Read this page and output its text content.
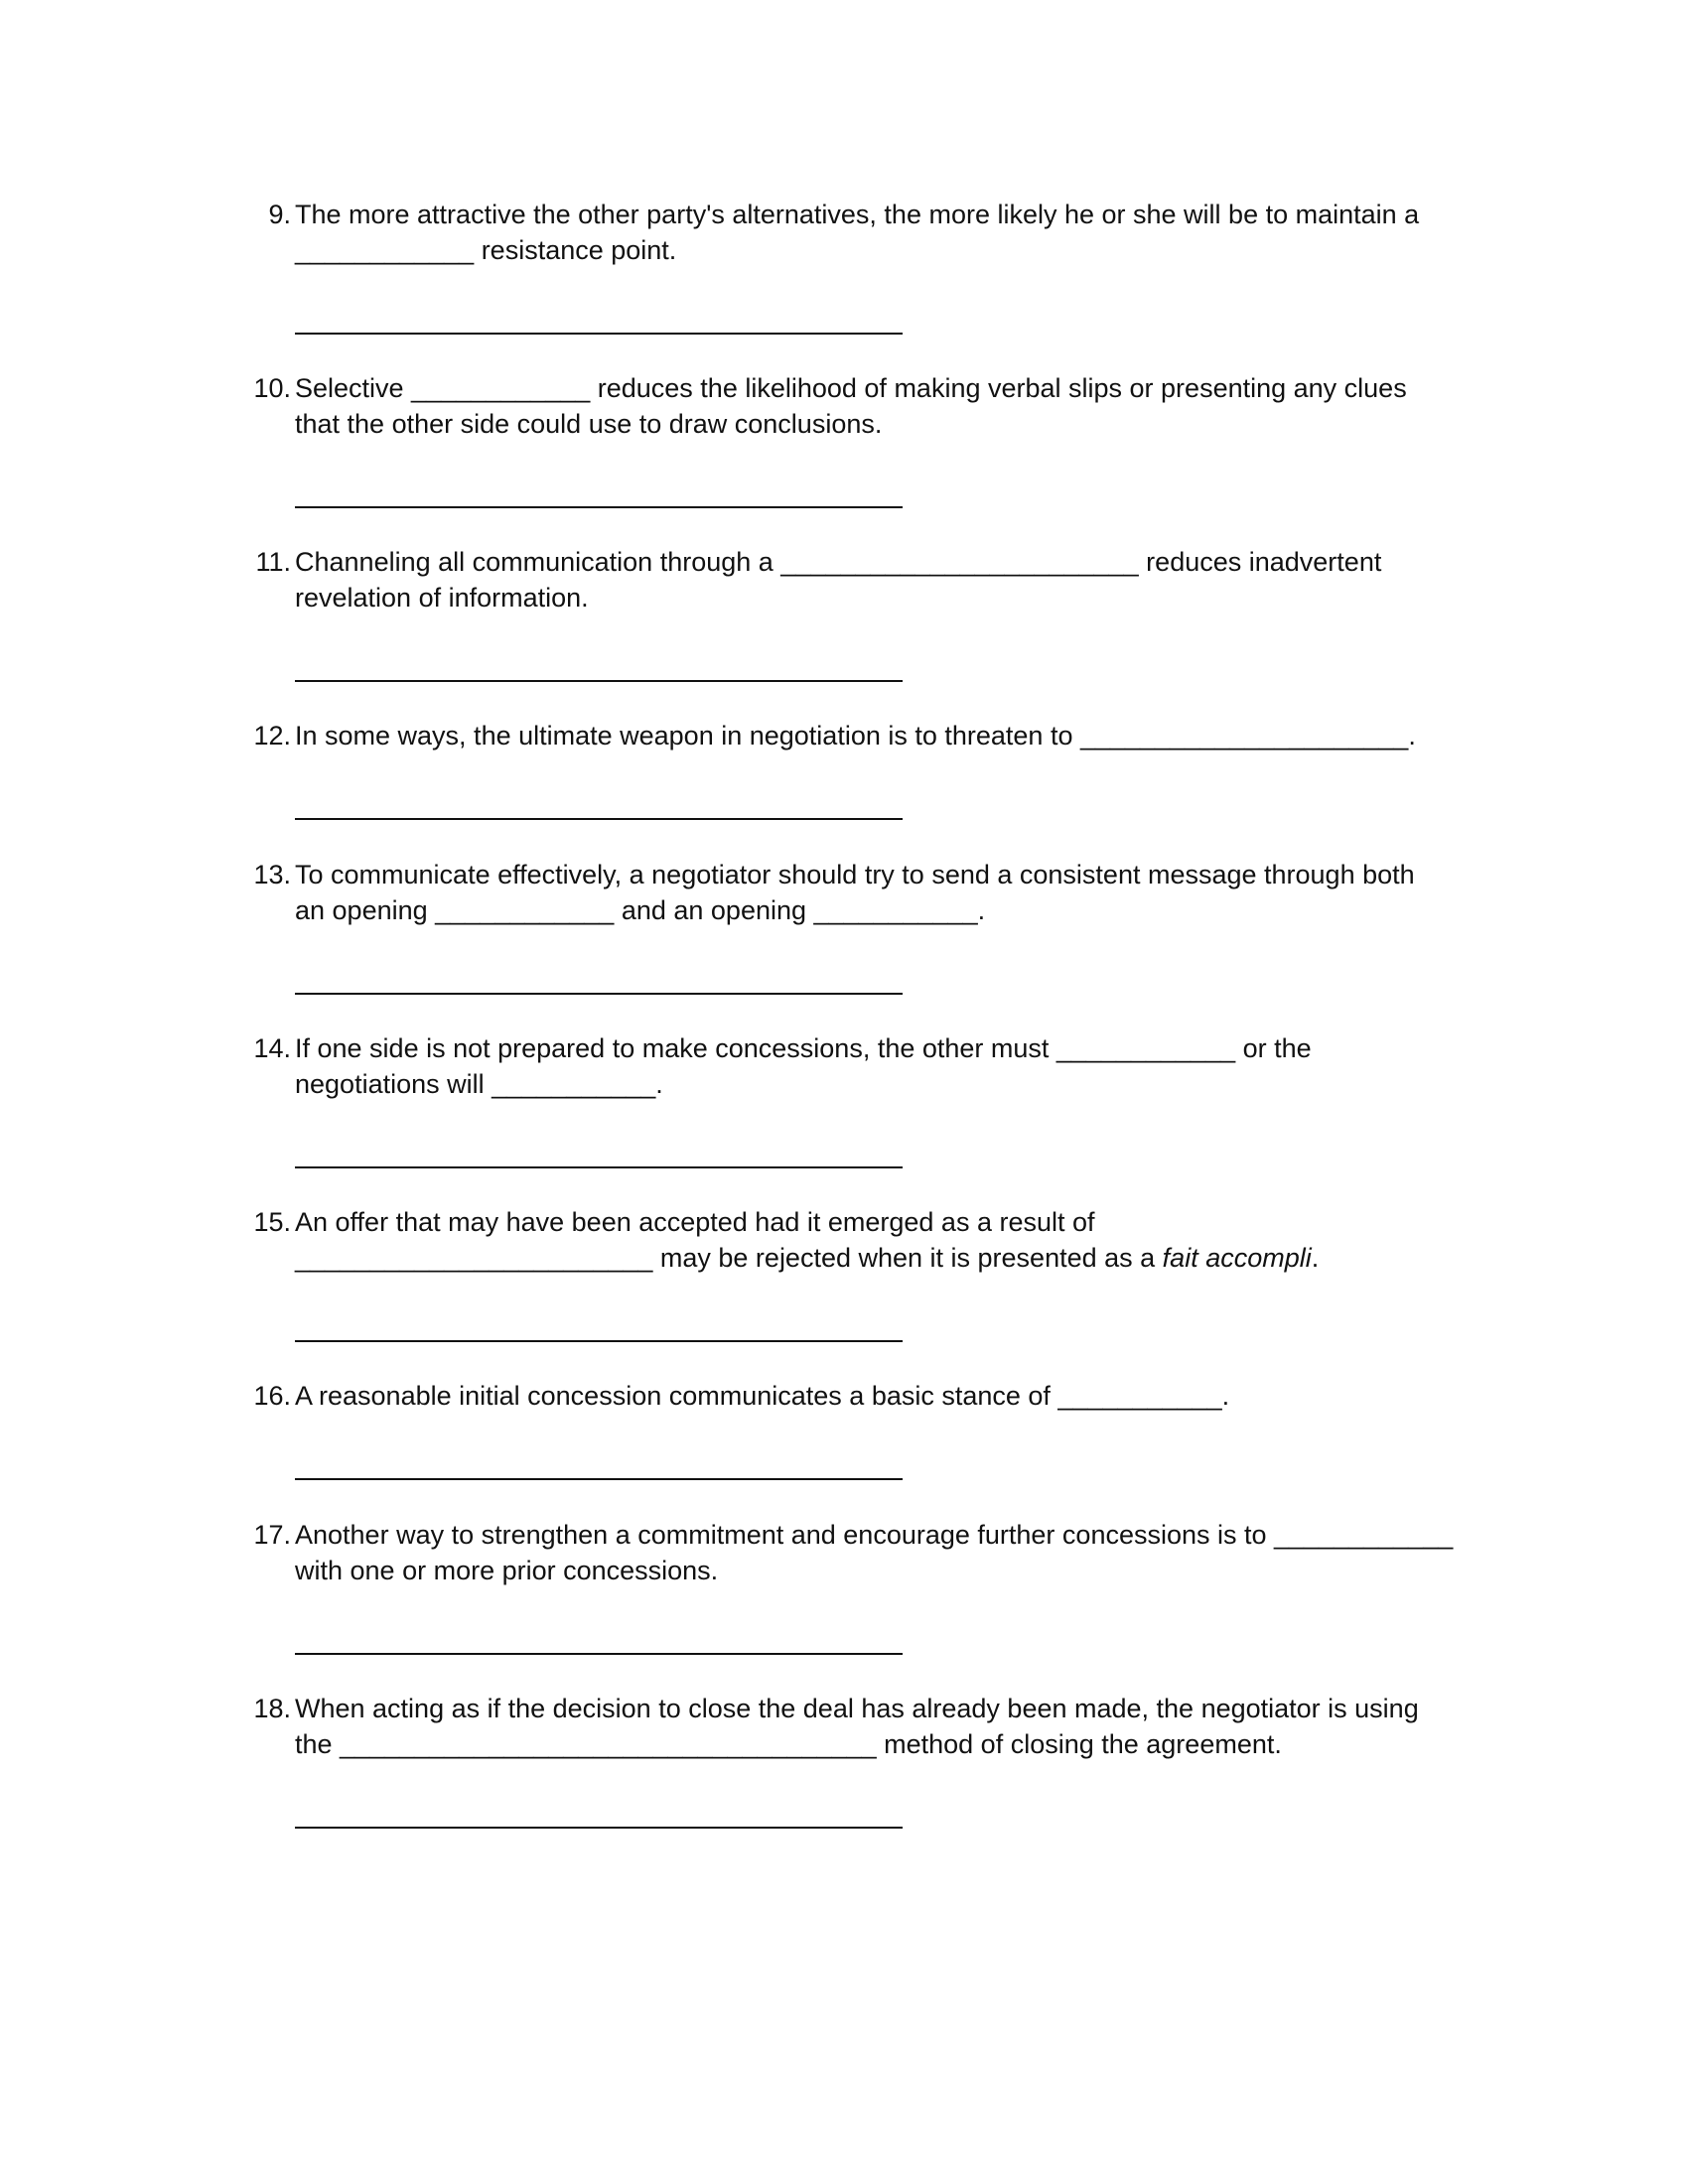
9. The more attractive the other party's alternatives, the more likely he or she will be to maintain a
____________ resistance point.
10. Selective ____________ reduces the likelihood of making verbal slips or presenting any clues
that the other side could use to draw conclusions.
11. Channeling all communication through a ________________________ reduces inadvertent
revelation of information.
12. In some ways, the ultimate weapon in negotiation is to threaten to ______________________.
13. To communicate effectively, a negotiator should try to send a consistent message through both
an opening ____________ and an opening ___________.
14. If one side is not prepared to make concessions, the other must ____________ or the
negotiations will ___________.
15. An offer that may have been accepted had it emerged as a result of
________________________ may be rejected when it is presented as a fait accompli.
16. A reasonable initial concession communicates a basic stance of ___________.
17. Another way to strengthen a commitment and encourage further concessions is to ____________
with one or more prior concessions.
18. When acting as if the decision to close the deal has already been made, the negotiator is using
the ____________________________________ method of closing the agreement.
